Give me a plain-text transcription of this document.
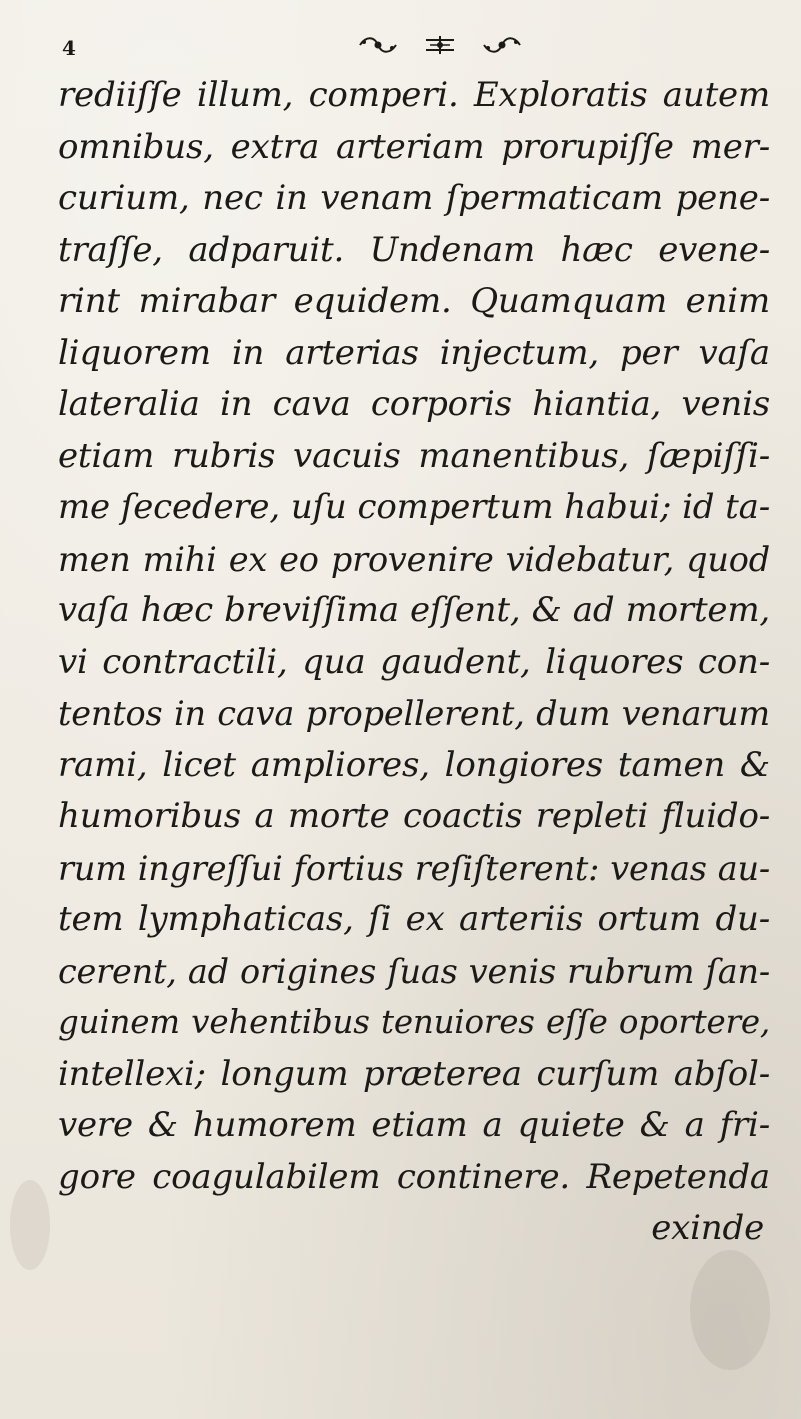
4
rediiſſe illum, comperi. Exploratis autem
omnibus, extra arteriam prorupiſſe mer-
curium, nec in venam ſpermaticam pene-
traſſe, adparuit. Undenam hæc evene-
rint mirabar equidem. Quamquam enim
liquorem in arterias injectum, per vaſa
lateralia in cava corporis hiantia, venis
etiam rubris vacuis manentibus, ſæpiſſi-
me ſecedere, uſu compertum habui; id ta-
men mihi ex eo provenire videbatur, quod
vaſa hæc breviſſima eſſent, & ad mortem,
vi contractili, qua gaudent, liquores con-
tentos in cava propellerent, dum venarum
rami, licet ampliores, longiores tamen &
humoribus a morte coactis repleti fluido-
rum ingreſſui fortius reſiſterent: venas au-
tem lymphaticas, ſi ex arteriis ortum du-
cerent, ad origines ſuas venis rubrum ſan-
guinem vehentibus tenuiores eſſe oportere,
intellexi; longum præterea curſum abſol-
vere & humorem etiam a quiete & a fri-
gore coagulabilem continere. Repetenda
exinde
